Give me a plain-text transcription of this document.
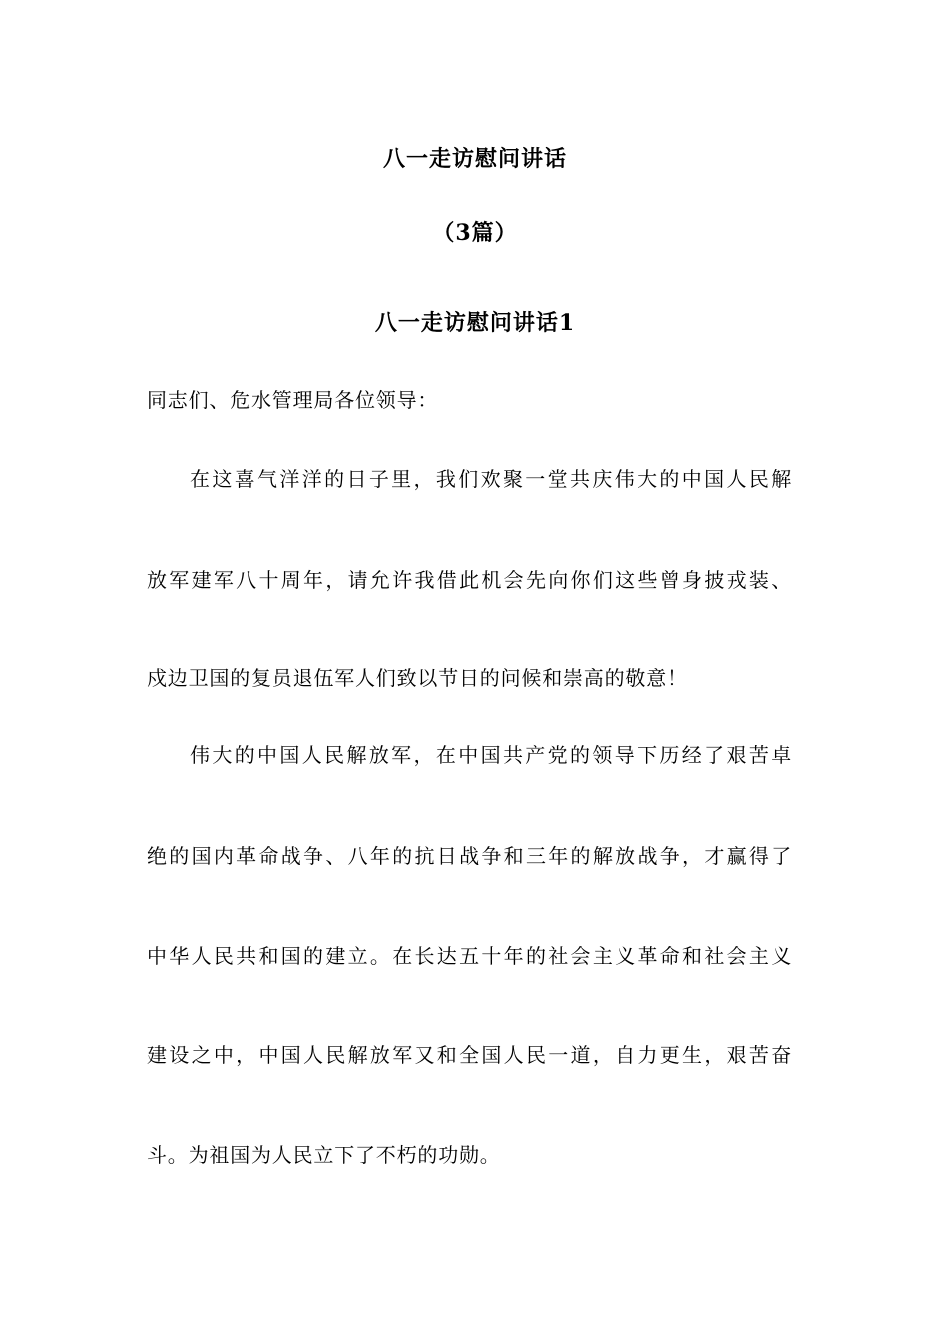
八一走访慰问讲话
（3篇）
八一走访慰问讲话1
同志们、危水管理局各位领导：
在这喜气洋洋的日子里，我们欢聚一堂共庆伟大的中国人民解
放军建军八十周年，请允许我借此机会先向你们这些曾身披戎装、
戍边卫国的复员退伍军人们致以节日的问候和崇高的敬意！
伟大的中国人民解放军，在中国共产党的领导下历经了艰苦卓
绝的国内革命战争、八年的抗日战争和三年的解放战争，才赢得了
中华人民共和国的建立。在长达五十年的社会主义革命和社会主义
建设之中，中国人民解放军又和全国人民一道，自力更生，艰苦奋
斗。为祖国为人民立下了不朽的功勋。
